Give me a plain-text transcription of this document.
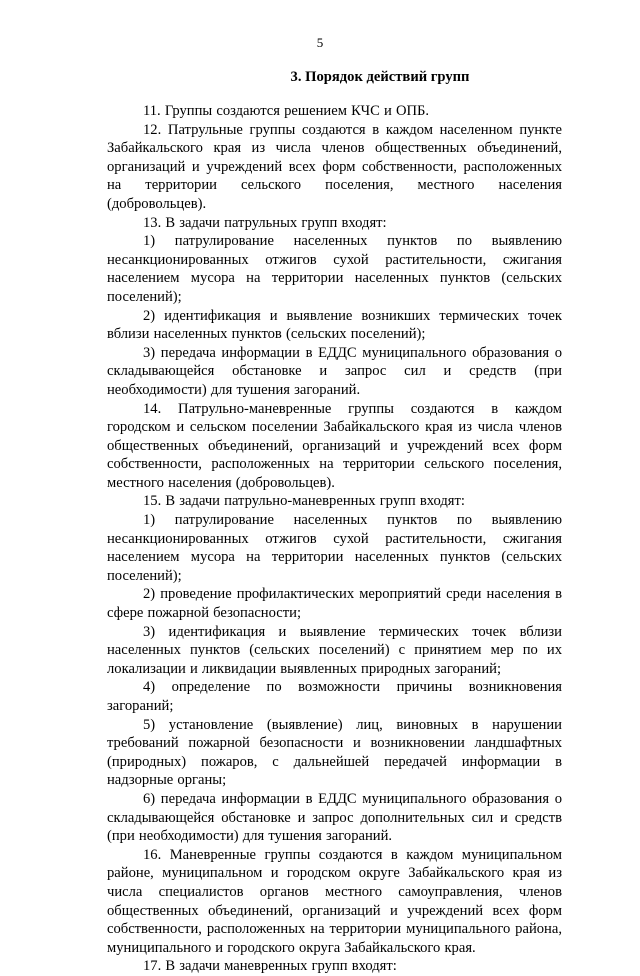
5
3. Порядок действий групп

11. Группы создаются решением КЧС и ОПБ.

12. Патрульные группы создаются в каждом населенном пункте Забайкальского края из числа членов общественных объединений, организаций и учреждений всех форм собственности, расположенных на территории сельского поселения, местного населения (добровольцев).

13. В задачи патрульных групп входят:

1) патрулирование населенных пунктов по выявлению несанкционированных отжигов сухой растительности, сжигания населением мусора на территории населенных пунктов (сельских поселений);

2) идентификация и выявление возникших термических точек вблизи населенных пунктов (сельских поселений);

3) передача информации в ЕДДС муниципального образования о складывающейся обстановке и запрос сил и средств (при необходимости) для тушения загораний.

14. Патрульно-маневренные группы создаются в каждом городском и сельском поселении Забайкальского края из числа членов общественных объединений, организаций и учреждений всех форм собственности, расположенных на территории сельского поселения, местного населения (добровольцев).

15. В задачи патрульно-маневренных групп входят:

1) патрулирование населенных пунктов по выявлению несанкционированных отжигов сухой растительности, сжигания населением мусора на территории населенных пунктов (сельских поселений);

2) проведение профилактических мероприятий среди населения в сфере пожарной безопасности;

3) идентификация и выявление термических точек вблизи населенных пунктов (сельских поселений) с принятием мер по их локализации и ликвидации выявленных природных загораний;

4) определение по возможности причины возникновения загораний;

5) установление (выявление) лиц, виновных в нарушении требований пожарной безопасности и возникновении ландшафтных (природных) пожаров, с дальнейшей передачей информации в надзорные органы;

6) передача информации в ЕДДС муниципального образования о складывающейся обстановке и запрос дополнительных сил и средств (при необходимости) для тушения загораний.

16. Маневренные группы создаются в каждом муниципальном районе, муниципальном и городском округе Забайкальского края из числа специалистов органов местного самоуправления, членов общественных объединений, организаций и учреждений всех форм собственности, расположенных на территории муниципального района, муниципального и городского округа Забайкальского края.

17. В задачи маневренных групп входят:
